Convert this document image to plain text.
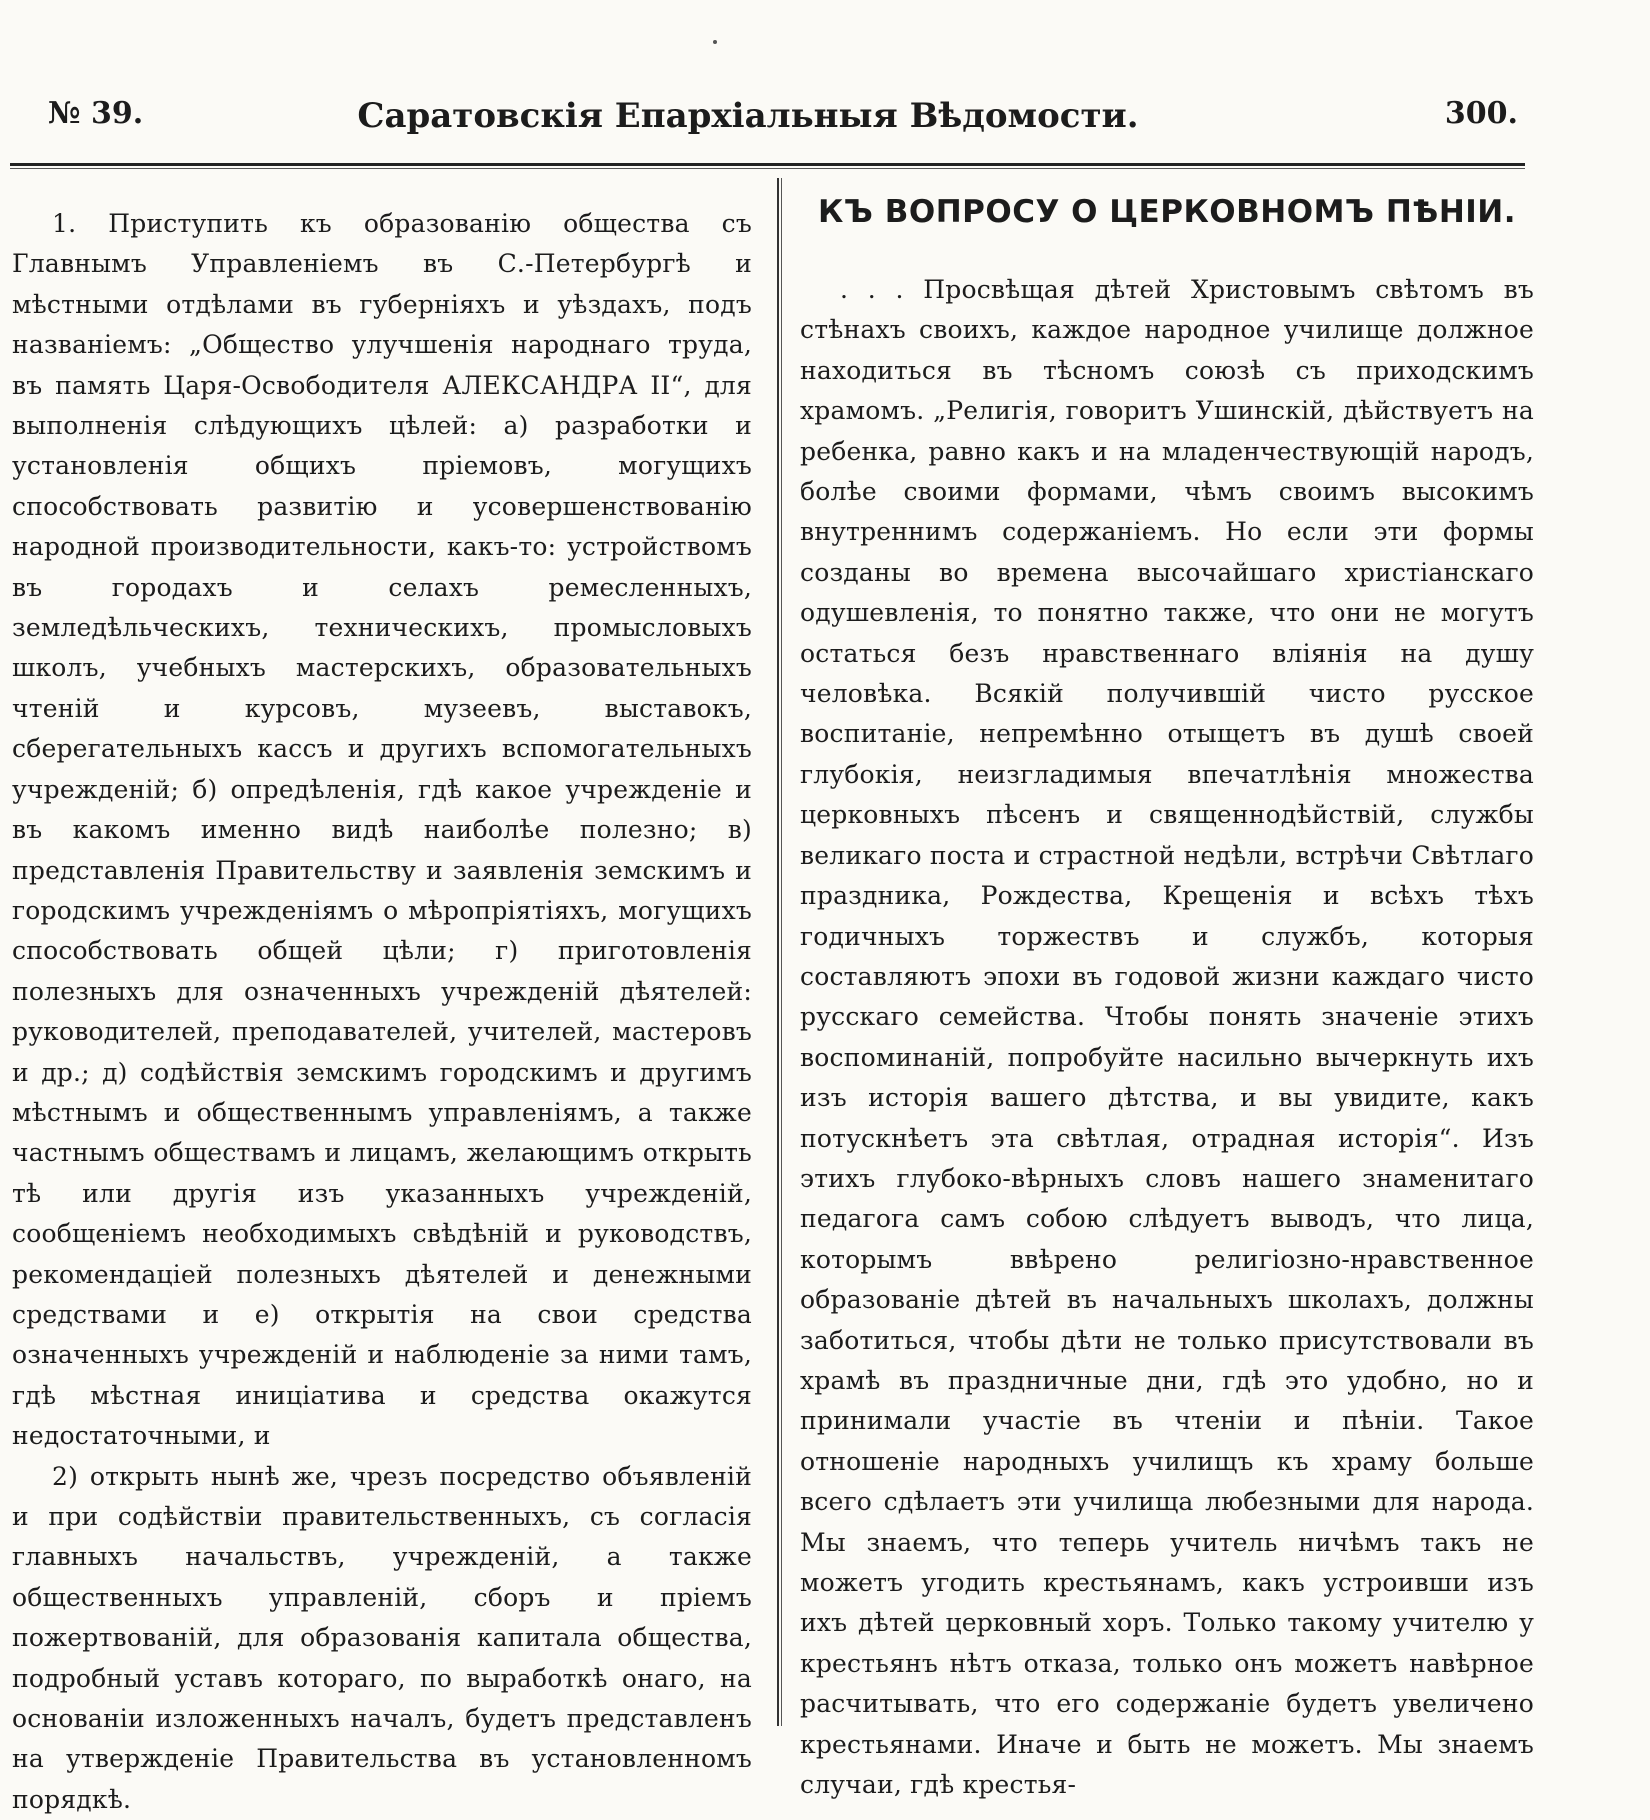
№ 39.	Саратовскія Епархіальныя Вѣдомости.	300.

1. Приступить къ образованію общества съ Главнымъ Управленіемъ въ С.-Петербургѣ и мѣстными отдѣлами въ губерніяхъ и уѣздахъ, подъ названіемъ: „Общество улучшенія народнаго труда, въ память Царя-Освободителя АЛЕКСАНДРА II“, для выполненія слѣдующихъ цѣлей: а) разработки и установленія общихъ пріемовъ, могущихъ способствовать развитію и усовершенствованію народной производительности, какъ-то: устройствомъ въ городахъ и селахъ ремесленныхъ, земледѣльческихъ, техническихъ, промысловыхъ школъ, учебныхъ мастерскихъ, образовательныхъ чтеній и курсовъ, музеевъ, выставокъ, сберегательныхъ кассъ и другихъ вспомогательныхъ учрежденій; б) опредѣленія, гдѣ какое учрежденіе и въ какомъ именно видѣ наиболѣе полезно; в) представленія Правительству и заявленія земскимъ и городскимъ учрежденіямъ о мѣропріятіяхъ, могущихъ способствовать общей цѣли; г) приготовленія полезныхъ для означенныхъ учрежденій дѣятелей: руководителей, преподавателей, учителей, мастеровъ и др.; д) содѣйствія земскимъ городскимъ и другимъ мѣстнымъ и общественнымъ управленіямъ, а также частнымъ обществамъ и лицамъ, желающимъ открыть тѣ или другія изъ указанныхъ учрежденій, сообщеніемъ необходимыхъ свѣдѣній и руководствъ, рекомендаціей полезныхъ дѣятелей и денежными средствами и е) открытія на свои средства означенныхъ учрежденій и наблюденіе за ними тамъ, гдѣ мѣстная иниціатива и средства окажутся недостаточными, и

2) открыть нынѣ же, чрезъ посредство объявленій и при содѣйствіи правительственныхъ, съ согласія главныхъ начальствъ, учрежденій, а также общественныхъ управленій, сборъ и пріемъ пожертвованій, для образованія капитала общества, подробный уставъ котораго, по выработкѣ онаго, на основаніи изложенныхъ началъ, будетъ представленъ на утвержденіе Правительства въ установленномъ порядкѣ.

КЪ ВОПРОСУ О ЦЕРКОВНОМЪ ПѢНІИ.

. . . Просвѣщая дѣтей Христовымъ свѣтомъ въ стѣнахъ своихъ, каждое народное училище должное находиться въ тѣсномъ союзѣ съ приходскимъ храмомъ. „Религія, говоритъ Ушинскій, дѣйствуетъ на ребенка, равно какъ и на младенчествующій народъ, болѣе своими формами, чѣмъ своимъ высокимъ внутреннимъ содержаніемъ. Но если эти формы созданы во времена высочайшаго христіанскаго одушевленія, то понятно также, что они не могутъ остаться безъ нравственнаго вліянія на душу человѣка. Всякій получившій чисто русское воспитаніе, непремѣнно отыщетъ въ душѣ своей глубокія, неизгладимыя впечатлѣнія множества церковныхъ пѣсенъ и священнодѣйствій, службы великаго поста и страстной недѣли, встрѣчи Свѣтлаго праздника, Рождества, Крещенія и всѣхъ тѣхъ годичныхъ торжествъ и службъ, которыя составляютъ эпохи въ годовой жизни каждаго чисто русскаго семейства. Чтобы понять значеніе этихъ воспоминаній, попробуйте насильно вычеркнуть ихъ изъ исторія вашего дѣтства, и вы увидите, какъ потускнѣетъ эта свѣтлая, отрадная исторія“. Изъ этихъ глубоко-вѣрныхъ словъ нашего знаменитаго педагога самъ собою слѣдуетъ выводъ, что лица, которымъ ввѣрено религіозно-нравственное образованіе дѣтей въ начальныхъ школахъ, должны заботиться, чтобы дѣти не только присутствовали въ храмѣ въ праздничные дни, гдѣ это удобно, но и принимали участіе въ чтеніи и пѣніи. Такое отношеніе народныхъ училищъ къ храму больше всего сдѣлаетъ эти училища любезными для народа. Мы знаемъ, что теперь учитель ничѣмъ такъ не можетъ угодить крестьянамъ, какъ устроивши изъ ихъ дѣтей церковный хоръ. Только такому учителю у крестьянъ нѣтъ отказа, только онъ можетъ навѣрное расчитывать, что его содержаніе будетъ увеличено крестьянами. Иначе и быть не можетъ. Мы знаемъ случаи, гдѣ крестья-
